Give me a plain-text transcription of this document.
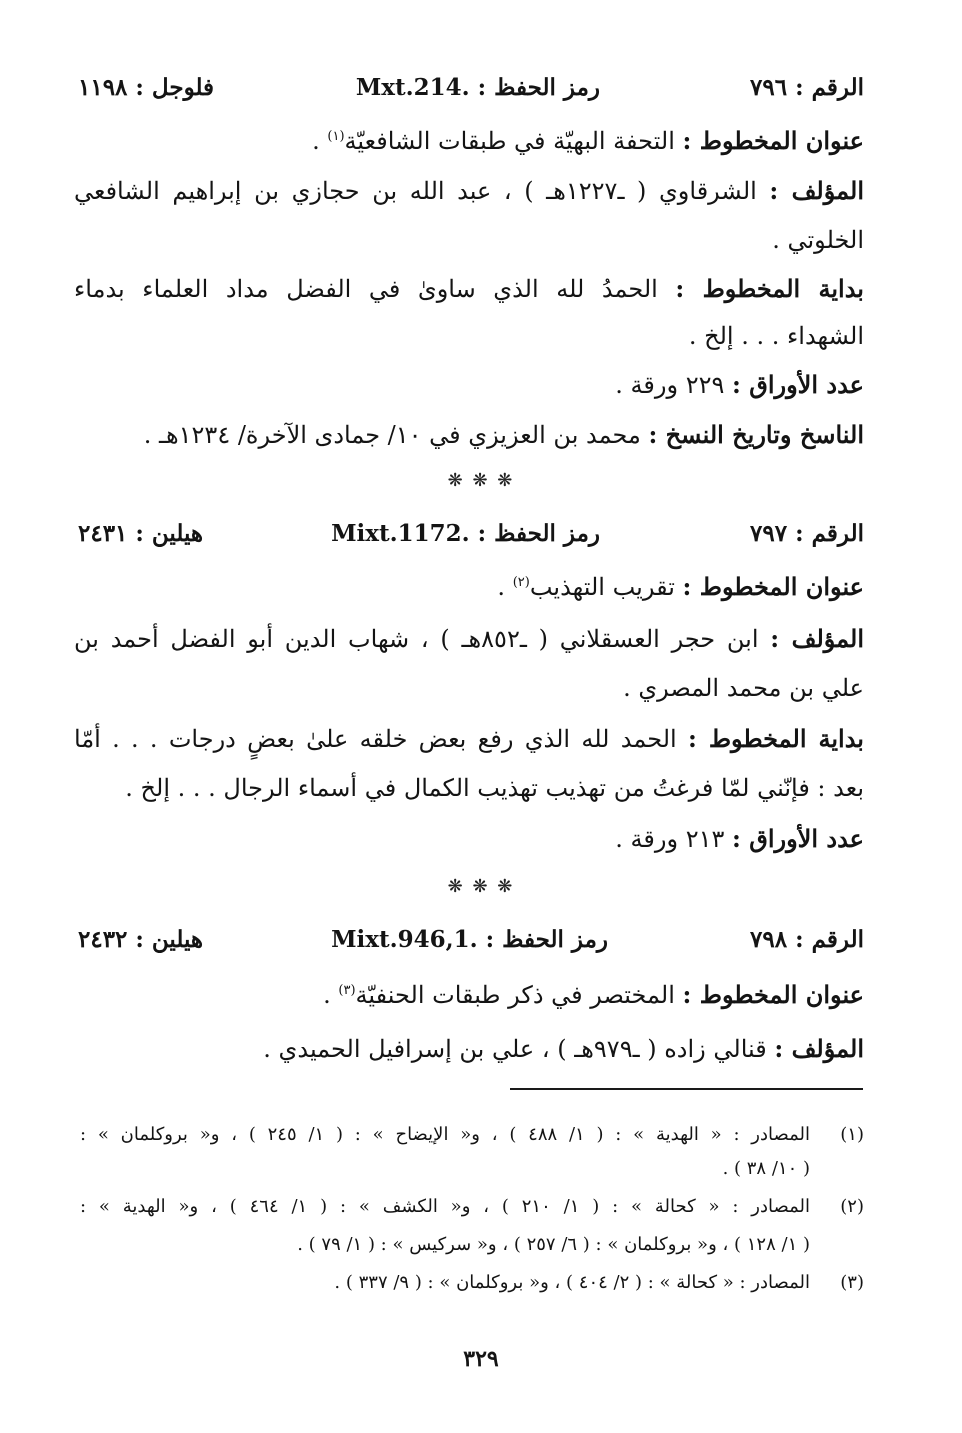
الرقم : ٧٩٦
رمز الحفظ : Mxt.214.
فلوجل : ١١٩٨
عنوان المخطوط : التحفة البهيّة في طبقات الشافعيّة$^{(١)}$ .
المؤلف : الشرقاوي ( ـ١٢٢٧هـ ) ، عبد الله بن حجازي بن إبراهيم الشافعي
الخلوتي .
بداية المخطوط : الحمدُ لله الذي ساوىٰ في الفضل مداد العلماء بدماء
الشهداء . . . إلخ .
عدد الأوراق : ٢٢٩ ورقة .
الناسخ وتاريخ النسخ : محمد بن العزيزي في ١٠/ جمادى الآخرة/ ١٢٣٤هـ .
❋ ❋ ❋
الرقم : ٧٩٧
رمز الحفظ : Mixt.1172.
هيلين : ٢٤٣١
عنوان المخطوط : تقريب التهذيب$^{(٢)}$ .
المؤلف : ابن حجر العسقلاني ( ـ٨٥٢هـ ) ، شهاب الدين أبو الفضل أحمد بن
علي بن محمد المصري .
بداية المخطوط : الحمد لله الذي رفع بعض خلقه علىٰ بعضٍ درجات . . . أمّا
بعد : فإنّني لمّا فرغتُ من تهذيب تهذيب الكمال في أسماء الرجال . . . إلخ .
عدد الأوراق : ٢١٣ ورقة .
❋ ❋ ❋
الرقم : ٧٩٨
رمز الحفظ : Mixt.946,1.
هيلين : ٢٤٣٢
عنوان المخطوط : المختصر في ذكر طبقات الحنفيّة$^{(٣)}$ .
المؤلف : قنالي زاده ( ـ٩٧٩هـ ) ، علي بن إسرافيل الحميدي .
(١)
المصادر : « الهدية » : ( ١/ ٤٨٨ ) ، و« الإيضاح » : ( ١/ ٢٤٥ ) ، و« بروكلمان » :
( ١٠/ ٣٨ ) .
(٢)
المصادر : « كحالة » : ( ١/ ٢١٠ ) ، و« الكشف » : ( ١/ ٤٦٤ ) ، و« الهدية » :
( ١/ ١٢٨ ) ، و« بروكلمان » : ( ٦/ ٢٥٧ ) ، و« سركيس » : ( ١/ ٧٩ ) .
(٣)
المصادر : « كحالة » : ( ٢/ ٤٠٤ ) ، و« بروكلمان » : ( ٩/ ٣٣٧ ) .
٣٢٩
